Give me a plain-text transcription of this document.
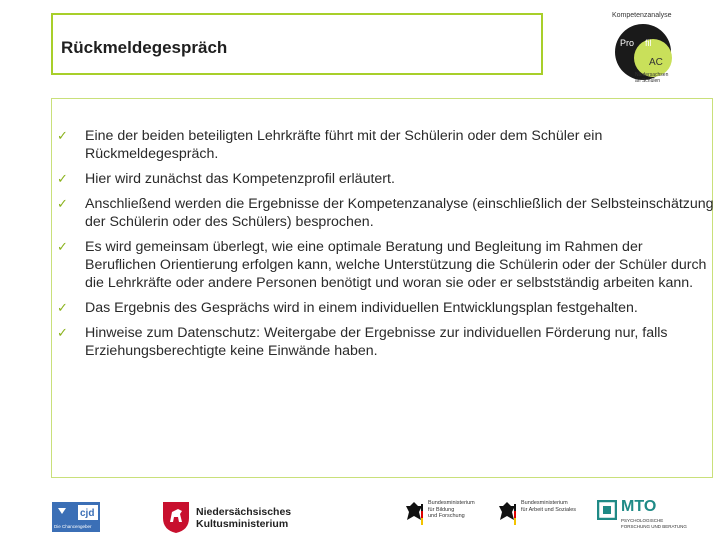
Rückmeldegespräch
Kompetenzanalyse
Pro fil
AC
Niedersachsen
an Schulen
✓ Eine der beiden beteiligten Lehrkräfte führt mit der Schülerin oder dem Schüler ein Rückmeldegespräch.
✓ Hier wird zunächst das Kompetenzprofil erläutert.
✓ Anschließend werden die Ergebnisse der Kompetenzanalyse (einschließlich der Selbsteinschätzung der Schülerin oder des Schülers) besprochen.
✓ Es wird gemeinsam überlegt, wie eine optimale Beratung und Begleitung im Rahmen der Beruflichen Orientierung erfolgen kann, welche Unterstützung die Schülerin oder der Schüler durch die Lehrkräfte oder andere Personen benötigt und woran sie oder er selbstständig arbeiten kann.
✓ Das Ergebnis des Gesprächs wird in einem individuellen Entwicklungsplan festgehalten.
✓ Hinweise zum Datenschutz: Weitergabe der Ergebnisse zur individuellen Förderung nur, falls Erziehungsberechtigte keine Einwände haben.
cjd
Die Chancengeber
Niedersächsisches
Kultusministerium
Bundesministerium
für Bildung
und Forschung
Bundesministerium
für Arbeit und Soziales	MTO
PSYCHOLOGISCHE
FORSCHUNG UND BERATUNG
